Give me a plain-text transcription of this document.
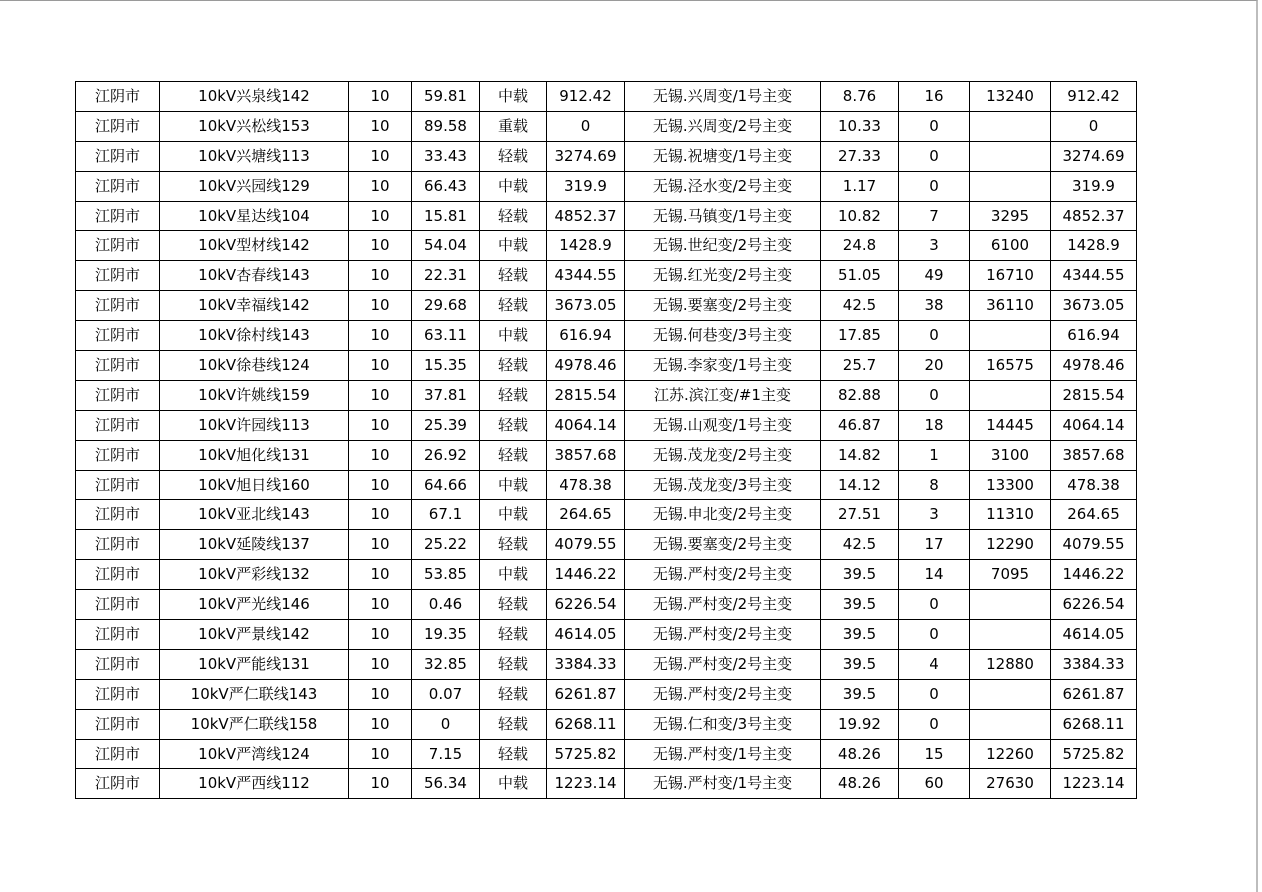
江阴市	10kV兴泉线142	10	59.81	中载	912.42	无锡.兴周变/1号主变	8.76	16	13240	912.42
江阴市	10kV兴松线153	10	89.58	重载	0	无锡.兴周变/2号主变	10.33	0		0
江阴市	10kV兴塘线113	10	33.43	轻载	3274.69	无锡.祝塘变/1号主变	27.33	0		3274.69
江阴市	10kV兴园线129	10	66.43	中载	319.9	无锡.泾水变/2号主变	1.17	0		319.9
江阴市	10kV星达线104	10	15.81	轻载	4852.37	无锡.马镇变/1号主变	10.82	7	3295	4852.37
江阴市	10kV型材线142	10	54.04	中载	1428.9	无锡.世纪变/2号主变	24.8	3	6100	1428.9
江阴市	10kV杏春线143	10	22.31	轻载	4344.55	无锡.红光变/2号主变	51.05	49	16710	4344.55
江阴市	10kV幸福线142	10	29.68	轻载	3673.05	无锡.要塞变/2号主变	42.5	38	36110	3673.05
江阴市	10kV徐村线143	10	63.11	中载	616.94	无锡.何巷变/3号主变	17.85	0		616.94
江阴市	10kV徐巷线124	10	15.35	轻载	4978.46	无锡.李家变/1号主变	25.7	20	16575	4978.46
江阴市	10kV许姚线159	10	37.81	轻载	2815.54	江苏.滨江变/#1主变	82.88	0		2815.54
江阴市	10kV许园线113	10	25.39	轻载	4064.14	无锡.山观变/1号主变	46.87	18	14445	4064.14
江阴市	10kV旭化线131	10	26.92	轻载	3857.68	无锡.茂龙变/2号主变	14.82	1	3100	3857.68
江阴市	10kV旭日线160	10	64.66	中载	478.38	无锡.茂龙变/3号主变	14.12	8	13300	478.38
江阴市	10kV亚北线143	10	67.1	中载	264.65	无锡.申北变/2号主变	27.51	3	11310	264.65
江阴市	10kV延陵线137	10	25.22	轻载	4079.55	无锡.要塞变/2号主变	42.5	17	12290	4079.55
江阴市	10kV严彩线132	10	53.85	中载	1446.22	无锡.严村变/2号主变	39.5	14	7095	1446.22
江阴市	10kV严光线146	10	0.46	轻载	6226.54	无锡.严村变/2号主变	39.5	0		6226.54
江阴市	10kV严景线142	10	19.35	轻载	4614.05	无锡.严村变/2号主变	39.5	0		4614.05
江阴市	10kV严能线131	10	32.85	轻载	3384.33	无锡.严村变/2号主变	39.5	4	12880	3384.33
江阴市	10kV严仁联线143	10	0.07	轻载	6261.87	无锡.严村变/2号主变	39.5	0		6261.87
江阴市	10kV严仁联线158	10	0	轻载	6268.11	无锡.仁和变/3号主变	19.92	0		6268.11
江阴市	10kV严湾线124	10	7.15	轻载	5725.82	无锡.严村变/1号主变	48.26	15	12260	5725.82
江阴市	10kV严西线112	10	56.34	中载	1223.14	无锡.严村变/1号主变	48.26	60	27630	1223.14
